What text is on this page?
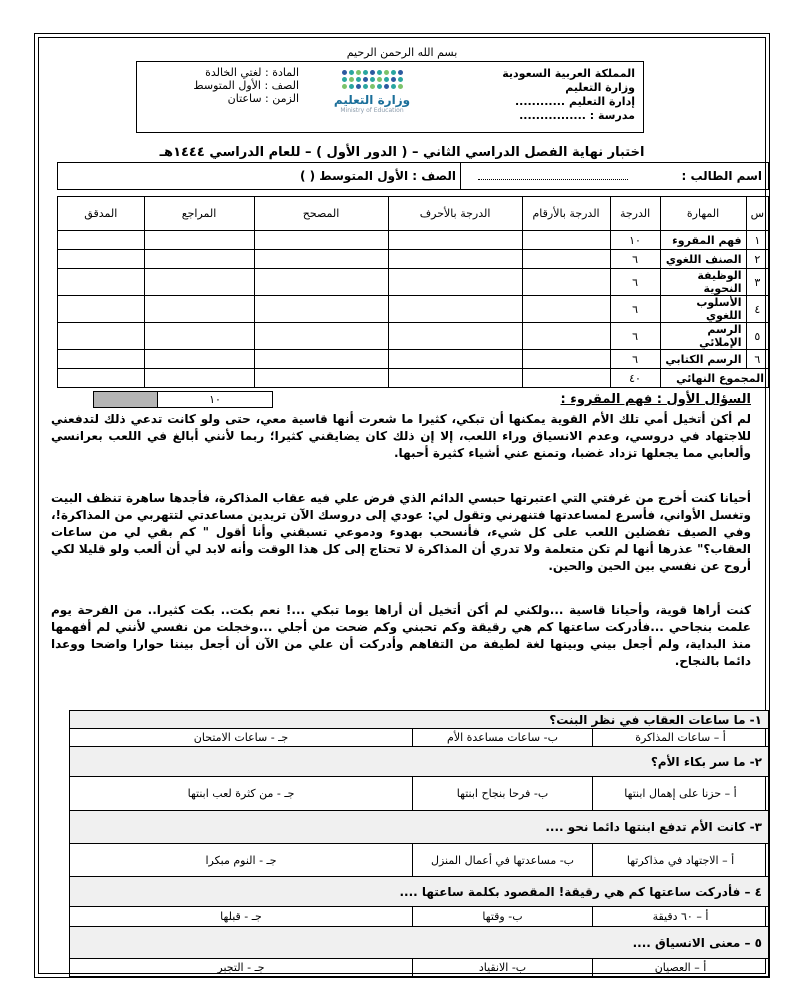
بسم الله الرحمن الرحيم
المملكة العربية السعودية
وزارة التعليم
إدارة التعليم ............
مدرسة : ................
وزارة التعليم
Ministry of Education
المادة : لغتي الخالدة
الصف : الأول المتوسط
الزمن : ساعتان
اختبار نهاية الفصل الدراسي الثاني – ( الدور الأول ) – للعام الدراسي ١٤٤٤هـ
اسم الطالب :
الصف : الأول المتوسط ( )
س	المهارة	الدرجة	الدرجة بالأرقام	الدرجة بالأحرف	المصحح	المراجع	المدقق
١	فهم المقروء	١٠					
٢	الصنف اللغوي	٦					
٣	الوظيفة النحوية	٦					
٤	الأسلوب اللغوي	٦					
٥	الرسم الإملائي	٦					
٦	الرسم الكتابي	٦					
المجموع النهائي		٤٠					
السؤال الأول : فهم المقروء :
١٠
لم أكن أتخيل أمي تلك الأم القوية يمكنها أن تبكي، كثيرا ما شعرت أنها قاسية معي، حتى ولو كانت تدعي ذلك لتدفعني للاجتهاد في دروسي، وعدم الانسياق وراء اللعب، إلا إن ذلك كان يضايقني كثيرا؛ ربما لأنني أبالغ في اللعب بعرانسي وألعابي مما يجعلها تزداد غضبا، وتمنع عني أشياء كثيرة أحبها.
أحيانا كنت أخرج من غرفتي التي اعتبرتها حبسي الدائم الذي فرض علي فيه عقاب المذاكرة، فأجدها ساهرة تنظف البيت وتغسل الأواني، فأسرع لمساعدتها فتنهرني وتقول لي: عودي إلى دروسك الآن تريدين مساعدتي لتتهربي من المذاكرة!، وفي الصيف تفضلين اللعب على كل شيء، فأنسحب بهدوء ودموعي تسبقني وأنا أقول " كم بقي لي من ساعات العقاب؟" عذرها أنها لم تكن متعلمة ولا تدري أن المذاكرة لا تحتاج إلى كل هذا الوقت وأنه لابد لي أن ألعب ولو قليلا لكي أروح عن نفسي بين الحين والحين.
كنت أراها قوية، وأحيانا قاسية ...ولكني لم أكن أتخيل أن أراها يوما تبكي ...! نعم بكت.. بكت كثيرا.. من الفرحة يوم علمت بنجاحي ...فأدركت ساعتها كم هي رقيقة وكم تحبني وكم ضحت من أجلي ...وخجلت من نفسي لأنني لم أفهمها منذ البداية، ولم أجعل بيني وبينها لغة لطيفة من التفاهم وأدركت أن علي من الآن أن أجعل بيننا حوارا واضحا ووعدا دائما بالنجاح.
١- ما ساعات العقاب في نظر البنت؟		
أ – ساعات المذاكرة	ب- ساعات مساعدة الأم	جـ - ساعات الامتحان
٢- ما سر بكاء الأم؟		
أ – حزنا على إهمال ابنتها	ب- فرحا بنجاح ابنتها	جـ - من كثرة لعب ابنتها
٣- كانت الأم تدفع ابنتها دائما نحو ....		
أ – الاجتهاد في مذاكرتها	ب- مساعدتها في أعمال المنزل	جـ - النوم مبكرا
٤ – فأدركت ساعتها كم هي رقيقة! المقصود بكلمة ساعتها ....		
أ – ٦٠ دقيقة	ب- وقتها	جـ - قبلها
٥ – معنى الانسياق ....		
أ – العصيان	ب- الانقياد	جـ - التجبر
